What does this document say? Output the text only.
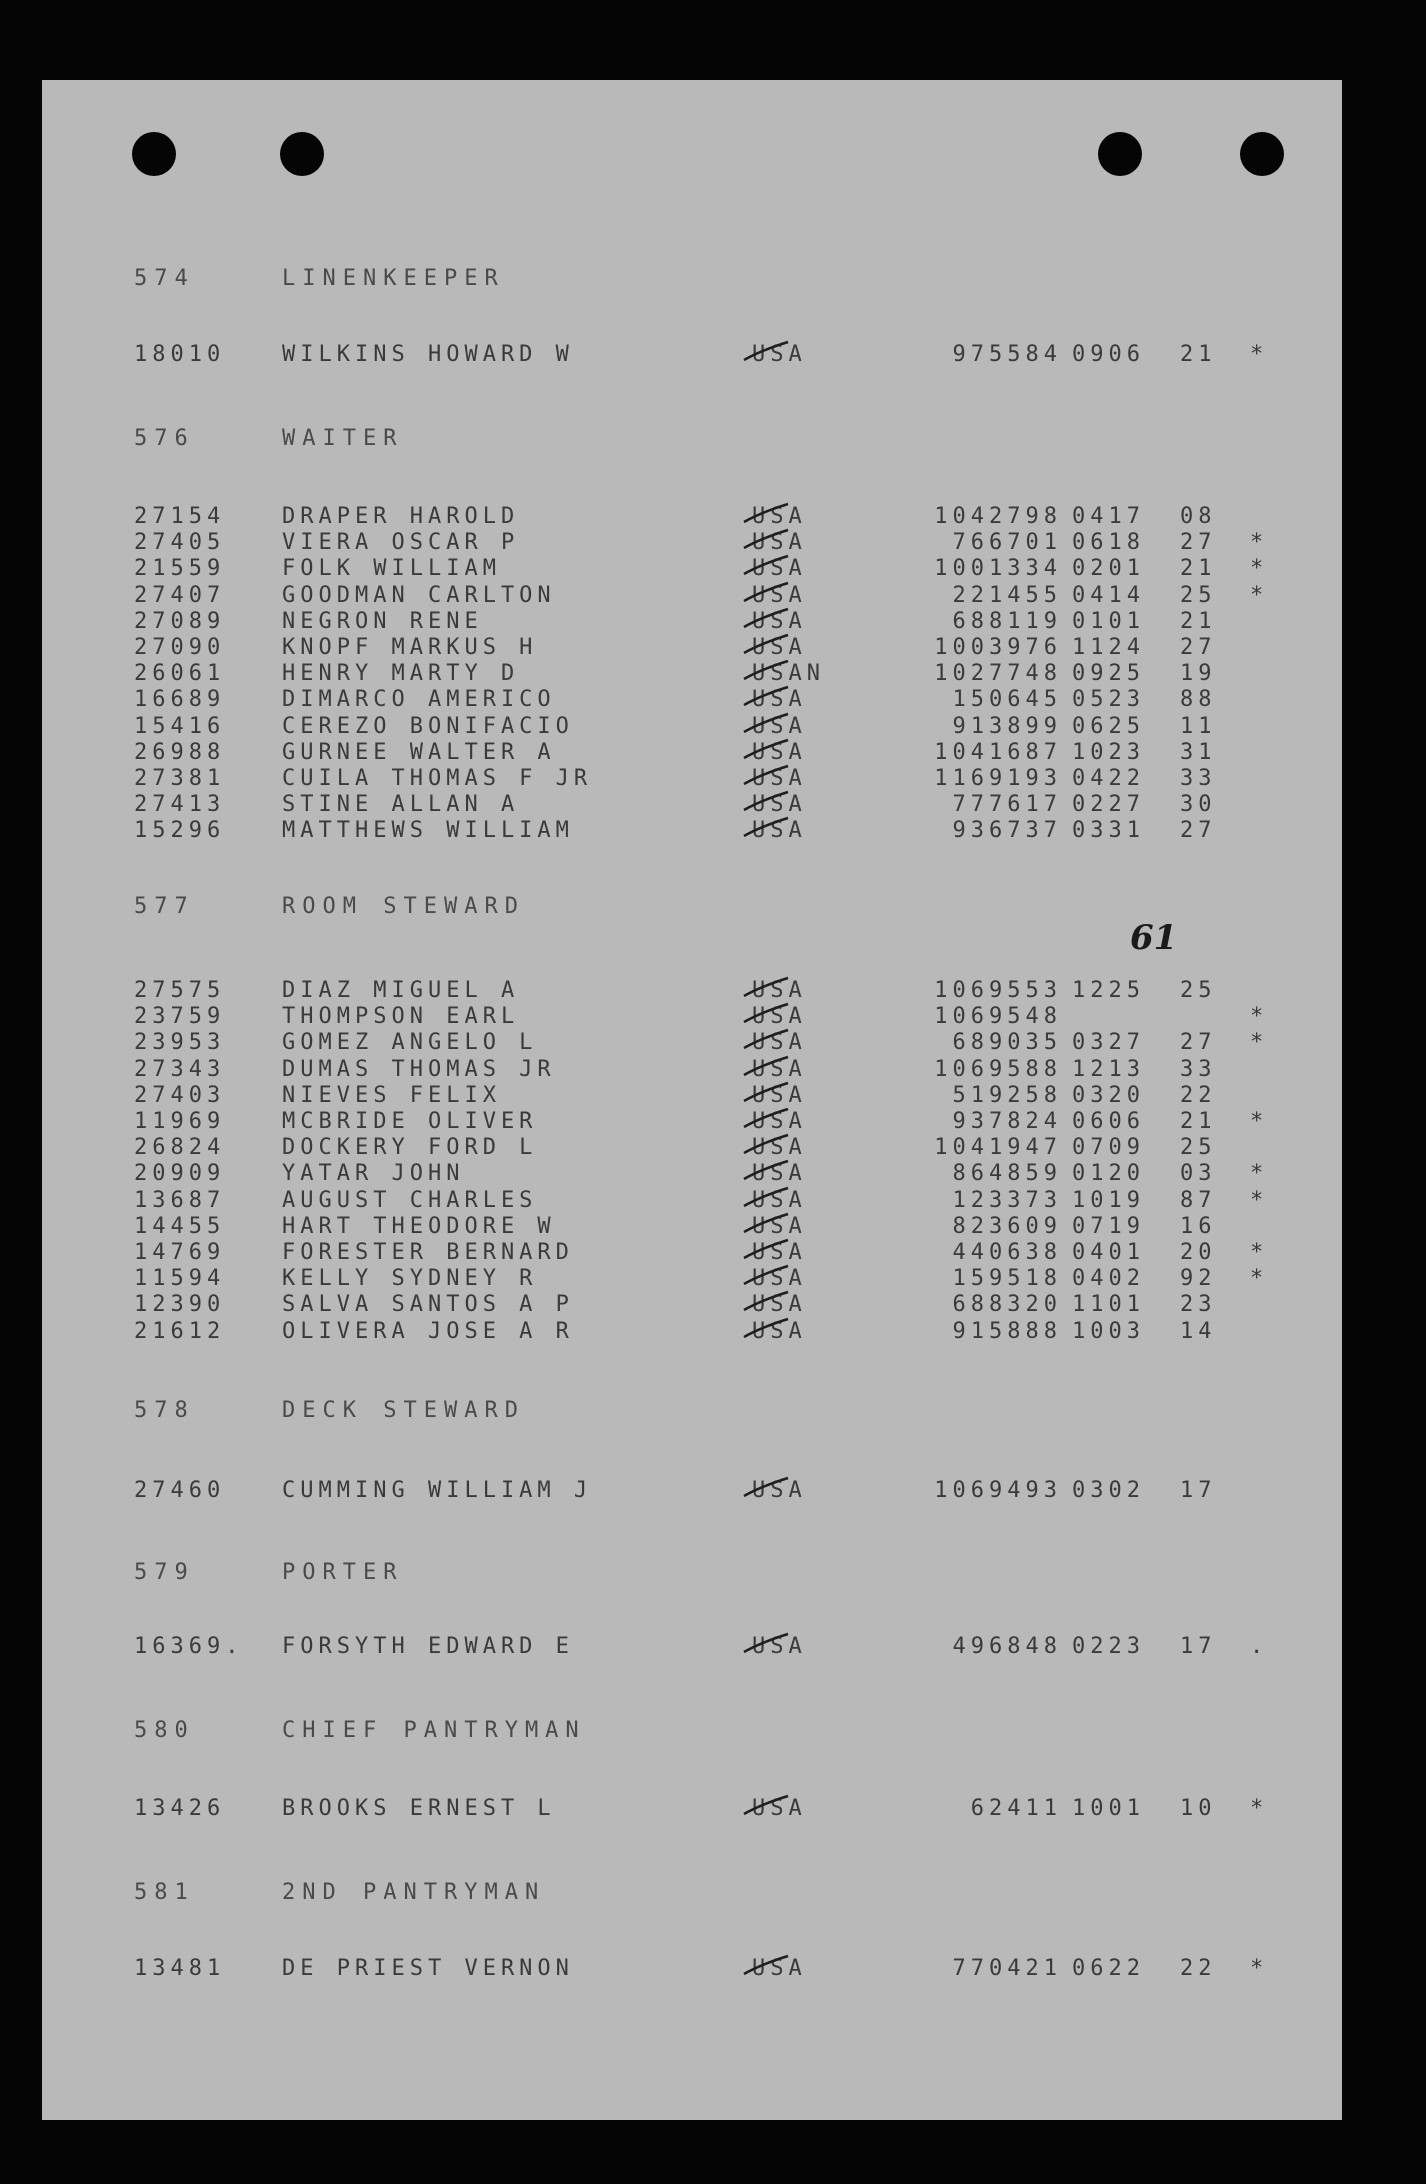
574	LINENKEEPER
18010	WILKINS HOWARD W	USA	975584 0906 21 *
576	WAITER
27154	DRAPER HAROLD	USA	1042798 0417 08
27405	VIERA OSCAR P	USA	766701 0618 27 *
21559	FOLK WILLIAM	USA	1001334 0201 21 *
27407	GOODMAN CARLTON	USA	221455 0414 25 *
27089	NEGRON RENE	USA	688119 0101 21
27090	KNOPF MARKUS H	USA	1003976 1124 27
26061	HENRY MARTY D	USAN	1027748 0925 19
16689	DIMARCO AMERICO	USA	150645 0523 88
15416	CEREZO BONIFACIO	USA	913899 0625 11
26988	GURNEE WALTER A	USA	1041687 1023 31
27381	CUILA THOMAS F JR	USA	1169193 0422 33
27413	STINE ALLAN A	USA	777617 0227 30
15296	MATTHEWS WILLIAM	USA	936737 0331 27
577	ROOM STEWARD
27575	DIAZ MIGUEL A	USA	1069553 1225 25
23759	THOMPSON EARL	USA	1069548	*
23953	GOMEZ ANGELO L	USA	689035 0327 27 *
27343	DUMAS THOMAS JR	USA	1069588 1213 33
27403	NIEVES FELIX	USA	519258 0320 22
11969	MCBRIDE OLIVER	USA	937824 0606 21 *
26824	DOCKERY FORD L	USA	1041947 0709 25
20909	YATAR JOHN	USA	864859 0120 03 *
13687	AUGUST CHARLES	USA	123373 1019 87 *
14455	HART THEODORE W	USA	823609 0719 16
14769	FORESTER BERNARD	USA	440638 0401 20 *
11594	KELLY SYDNEY R	USA	159518 0402 92 *
12390	SALVA SANTOS A P	USA	688320 1101 23
21612	OLIVERA JOSE A R	USA	915888 1003 14
578	DECK STEWARD
27460	CUMMING WILLIAM J	USA	1069493 0302 17
579	PORTER
16369. FORSYTH EDWARD E	USA	496848 0223 17 .
580	CHIEF PANTRYMAN
13426	BROOKS ERNEST L	USA	62411 1001 10 *
581	2ND PANTRYMAN
13481	DE PRIEST VERNON	USA	770421 0622 22 *
61
